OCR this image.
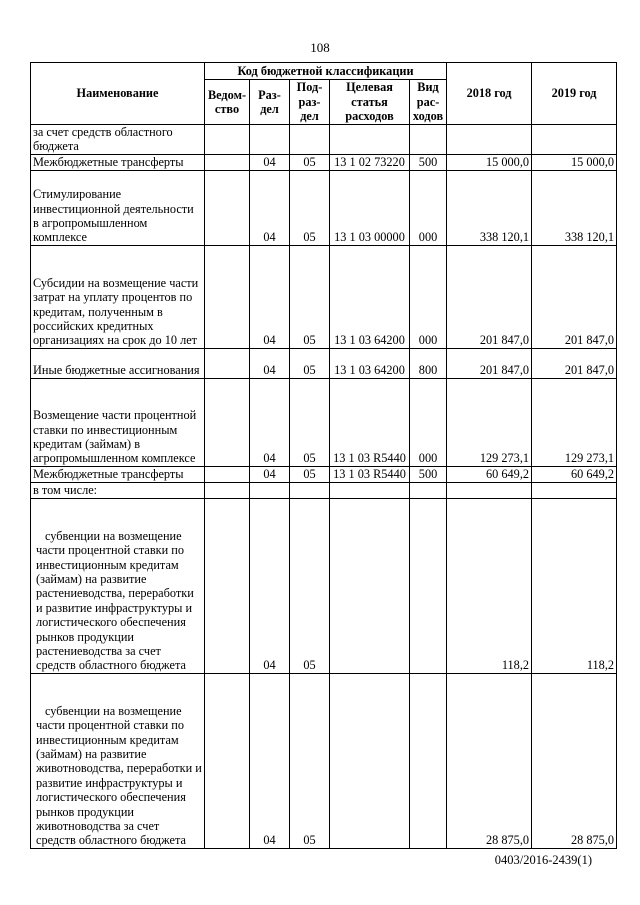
108
Наименование	Код бюджетной классификации					2018 год	2019 год
	Ведом-ство	Раз-дел	Под-раз-дел	Целевая статья расходов	Вид рас-ходов		
за счет средств областного бюджета							
Межбюджетные трансферты		04	05	13 1 02 73220	500	15 000,0	15 000,0
Стимулирование инвестиционной деятельности в агропромышленном комплексе		04	05	13 1 03 00000	000	338 120,1	338 120,1
Субсидии на возмещение части затрат на уплату процентов по кредитам, полученным в российских кредитных организациях на срок до 10 лет		04	05	13 1 03 64200	000	201 847,0	201 847,0
Иные бюджетные ассигнования		04	05	13 1 03 64200	800	201 847,0	201 847,0
Возмещение части процентной ставки по инвестиционным кредитам (займам) в агропромышленном комплексе		04	05	13 1 03 R5440	000	129 273,1	129 273,1
Межбюджетные трансферты		04	05	13 1 03 R5440	500	60 649,2	60 649,2
в том числе:							
субвенции на возмещение части процентной ставки по инвестиционным кредитам (займам) на развитие растениеводства, переработки и развитие инфраструктуры и логистического обеспечения рынков продукции растениеводства за счет средств областного бюджета		04	05			118,2	118,2
субвенции на возмещение части процентной ставки по инвестиционным кредитам (займам) на развитие животноводства, переработки и развитие инфраструктуры и логистического обеспечения рынков продукции животноводства за счет средств областного бюджета		04	05			28 875,0	28 875,0
0403/2016-2439(1)
